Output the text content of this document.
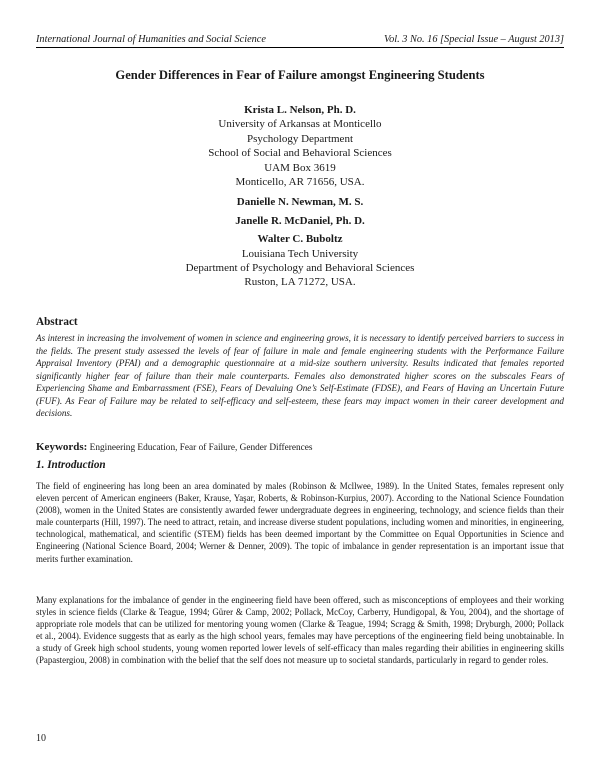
International Journal of Humanities and Social Science	Vol. 3 No. 16 [Special Issue – August 2013]
Gender Differences in Fear of Failure amongst Engineering Students
Krista L. Nelson, Ph. D.
University of Arkansas at Monticello
Psychology Department
School of Social and Behavioral Sciences
UAM Box 3619
Monticello, AR 71656, USA.
Danielle N. Newman, M. S.
Janelle R. McDaniel, Ph. D.
Walter C. Buboltz
Louisiana Tech University
Department of Psychology and Behavioral Sciences
Ruston, LA 71272, USA.
Abstract
As interest in increasing the involvement of women in science and engineering grows, it is necessary to identify perceived barriers to success in the fields. The present study assessed the levels of fear of failure in male and female engineering students with the Performance Failure Appraisal Inventory (PFAI) and a demographic questionnaire at a mid-size southern university. Results indicated that females reported significantly higher fear of failure than their male counterparts. Females also demonstrated higher scores on the subscales Fears of Experiencing Shame and Embarrassment (FSE), Fears of Devaluing One’s Self-Estimate (FDSE), and Fears of Having an Uncertain Future (FUF). As Fear of Failure may be related to self-efficacy and self-esteem, these fears may impact women in their career development and decisions.
Keywords: Engineering Education, Fear of Failure, Gender Differences
1. Introduction
The field of engineering has long been an area dominated by males (Robinson & Mcllwee, 1989). In the United States, females represent only eleven percent of American engineers (Baker, Krause, Yaşar, Roberts, & Robinson-Kurpius, 2007). According to the National Science Foundation (2008), women in the United States are consistently awarded fewer undergraduate degrees in engineering, technology, and science fields than their male counterparts (Hill, 1997). The need to attract, retain, and increase diverse student populations, including women and minorities, in engineering, technological, mathematical, and scientific (STEM) fields has been deemed important by the Committee on Equal Opportunities in Science and Engineering (National Science Board, 2004; Werner & Denner, 2009). The topic of imbalance in gender representation is an important issue that merits further examination.
Many explanations for the imbalance of gender in the engineering field have been offered, such as misconceptions of employees and their working styles in science fields (Clarke & Teague, 1994; Gürer & Camp, 2002; Pollack, McCoy, Carberry, Hundigopal, & You, 2004), and the shortage of appropriate role models that can be utilized for mentoring young women (Clarke & Teague, 1994; Scragg & Smith, 1998; Dryburgh, 2000; Pollack et al., 2004). Evidence suggests that as early as the high school years, females may have perceptions of the engineering field being unobtainable. In a study of Greek high school students, young women reported lower levels of self-efficacy than males regarding their abilities in engineering skills (Papastergiou, 2008) in combination with the belief that the self does not measure up to societal standards, particularly in regard to gender roles.
10
